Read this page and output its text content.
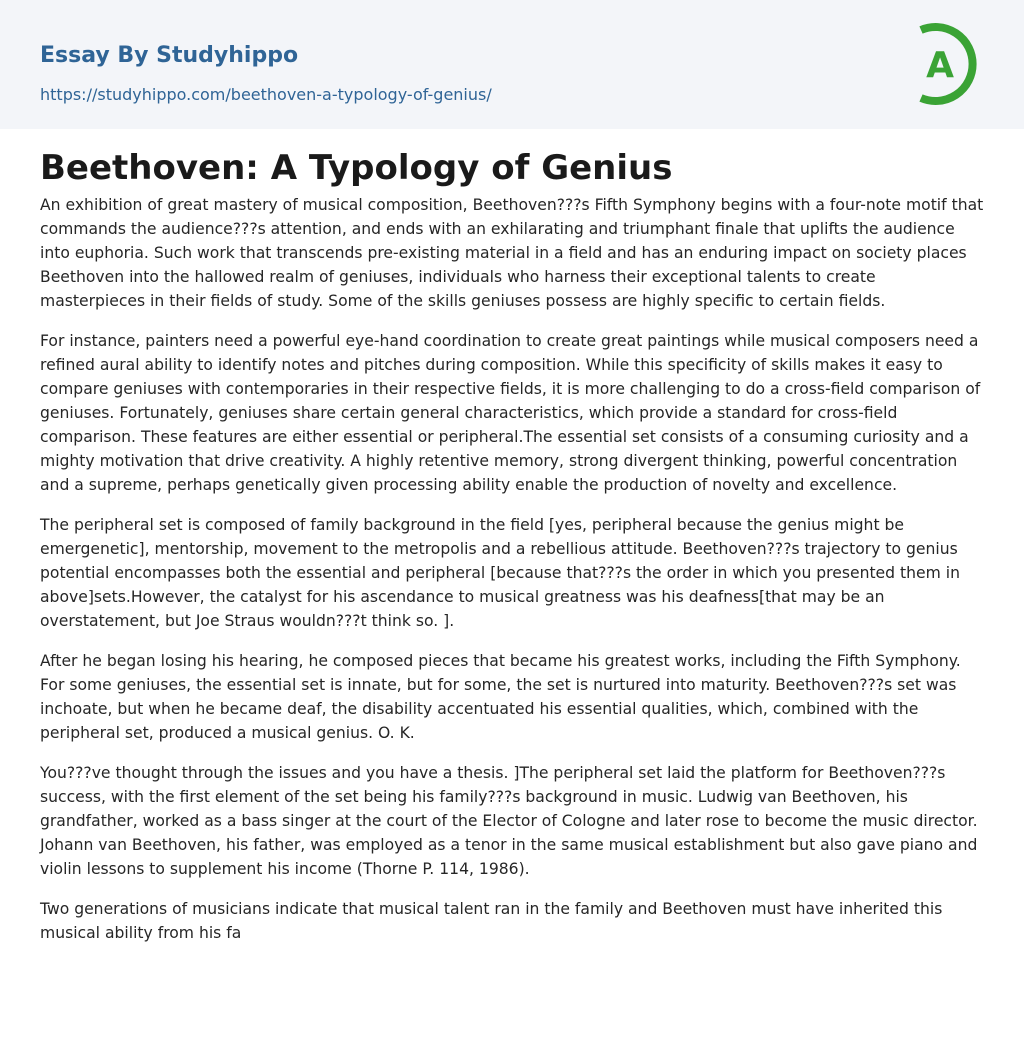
Essay By Studyhippo
https://studyhippo.com/beethoven-a-typology-of-genius/
A
Beethoven: A Typology of Genius

An exhibition of great mastery of musical composition, Beethoven???s Fifth Symphony begins with a four-note motif that commands the audience???s attention, and ends with an exhilarating and triumphant finale that uplifts the audience into euphoria. Such work that transcends pre-existing material in a field and has an enduring impact on society places Beethoven into the hallowed realm of geniuses, individuals who harness their exceptional talents to create masterpieces in their fields of study. Some of the skills geniuses possess are highly specific to certain fields.

For instance, painters need a powerful eye-hand coordination to create great paintings while musical composers need a refined aural ability to identify notes and pitches during composition. While this specificity of skills makes it easy to compare geniuses with contemporaries in their respective fields, it is more challenging to do a cross-field comparison of geniuses. Fortunately, geniuses share certain general characteristics, which provide a standard for cross-field comparison. These features are either essential or peripheral.The essential set consists of a consuming curiosity and a mighty motivation that drive creativity. A highly retentive memory, strong divergent thinking, powerful concentration and a supreme, perhaps genetically given processing ability enable the production of novelty and excellence.

The peripheral set is composed of family background in the field [yes, peripheral because the genius might be emergenetic], mentorship, movement to the metropolis and a rebellious attitude. Beethoven???s trajectory to genius potential encompasses both the essential and peripheral [because that???s the order in which you presented them in above]sets.However, the catalyst for his ascendance to musical greatness was his deafness[that may be an overstatement, but Joe Straus wouldn???t think so. ].

After he began losing his hearing, he composed pieces that became his greatest works, including the Fifth Symphony. For some geniuses, the essential set is innate, but for some, the set is nurtured into maturity. Beethoven???s set was inchoate, but when he became deaf, the disability accentuated his essential qualities, which, combined with the peripheral set, produced a musical genius. O. K.

You???ve thought through the issues and you have a thesis. ]The peripheral set laid the platform for Beethoven???s success, with the first element of the set being his family???s background in music. Ludwig van Beethoven, his grandfather, worked as a bass singer at the court of the Elector of Cologne and later rose to become the music director. Johann van Beethoven, his father, was employed as a tenor in the same musical establishment but also gave piano and violin lessons to supplement his income (Thorne P. 114, 1986).

Two generations of musicians indicate that musical talent ran in the family and Beethoven must have inherited this musical ability from his fa
